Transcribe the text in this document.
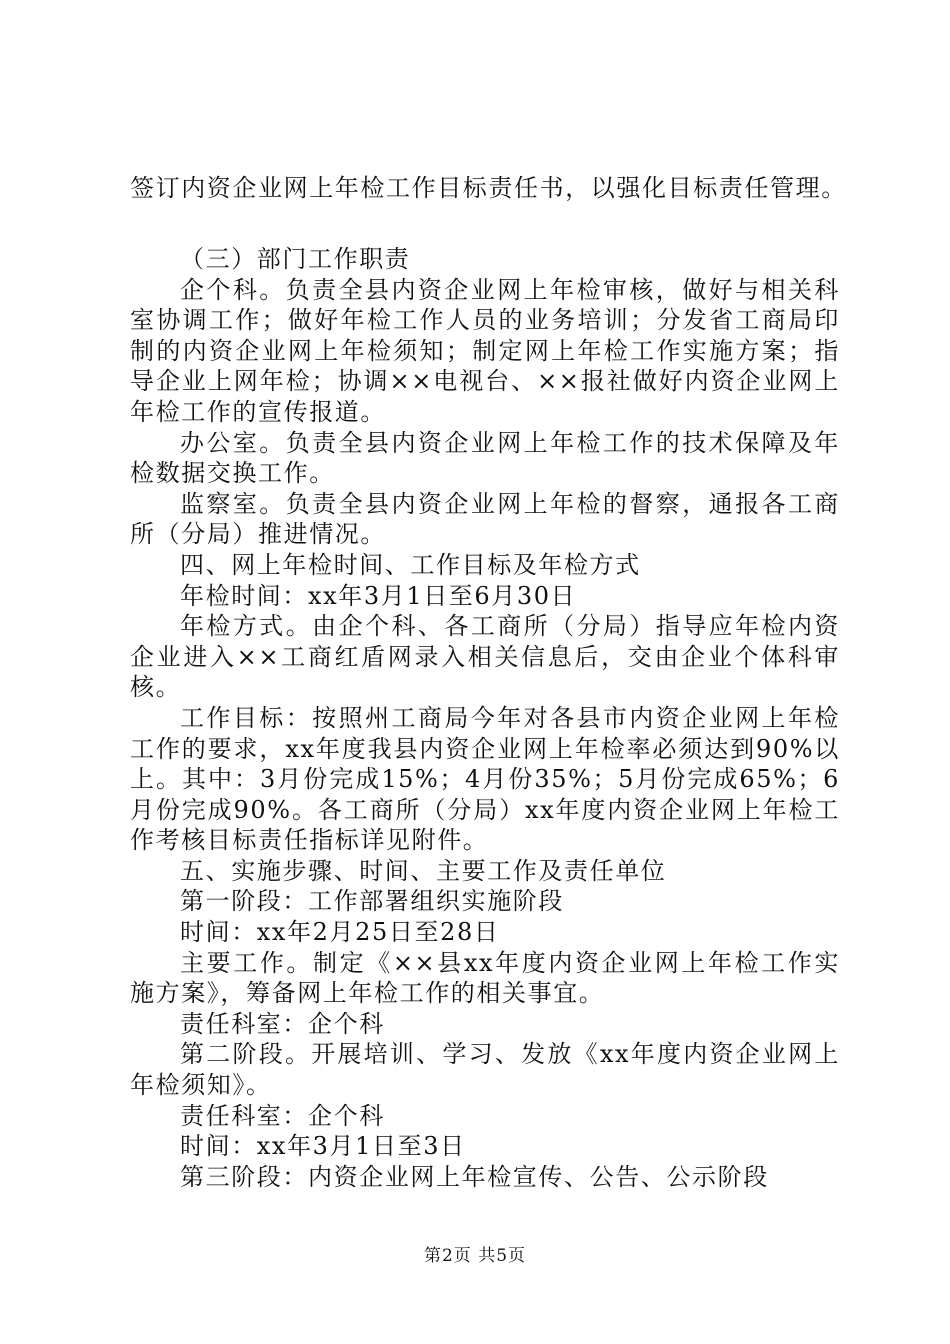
签订内资企业网上年检工作目标责任书，以强化目标责任管理。

（三）部门工作职责

企个科。负责全县内资企业网上年检审核，做好与相关科室协调工作；做好年检工作人员的业务培训；分发省工商局印制的内资企业网上年检须知；制定网上年检工作实施方案；指导企业上网年检；协调××电视台、××报社做好内资企业网上年检工作的宣传报道。

办公室。负责全县内资企业网上年检工作的技术保障及年检数据交换工作。

监察室。负责全县内资企业网上年检的督察，通报各工商所（分局）推进情况。

四、网上年检时间、工作目标及年检方式

年检时间：xx年3月1日至6月30日

年检方式。由企个科、各工商所（分局）指导应年检内资企业进入××工商红盾网录入相关信息后，交由企业个体科审核。

工作目标：按照州工商局今年对各县市内资企业网上年检工作的要求，xx年度我县内资企业网上年检率必须达到90%以上。其中：3月份完成15%；4月份35%；5月份完成65%；6月份完成90%。各工商所（分局）xx年度内资企业网上年检工作考核目标责任指标详见附件。

五、实施步骤、时间、主要工作及责任单位

第一阶段：工作部署组织实施阶段

时间：xx年2月25日至28日

主要工作。制定《××县xx年度内资企业网上年检工作实施方案》，筹备网上年检工作的相关事宜。

责任科室：企个科

第二阶段。开展培训、学习、发放《xx年度内资企业网上年检须知》。

责任科室：企个科

时间：xx年3月1日至3日

第三阶段：内资企业网上年检宣传、公告、公示阶段

第2页 共5页
